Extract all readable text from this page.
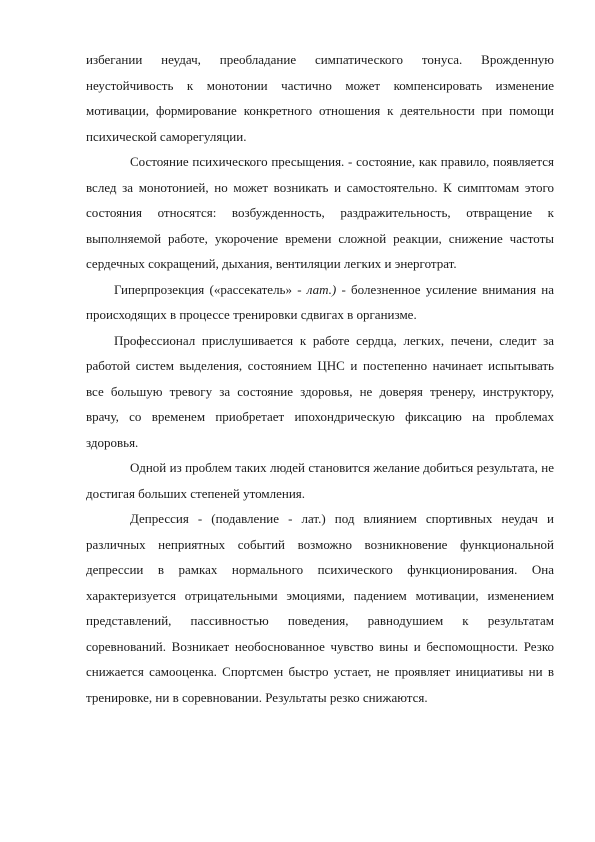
избегании неудач, преобладание симпатического тонуса. Врожденную неустойчивость к монотонии частично может компенсировать изменение мотивации, формирование конкретного отношения к деятельности при помощи психической саморегуляции.

Состояние психического пресыщения. - состояние, как правило, появляется вслед за монотонией, но может возникать и самостоятельно. К симптомам этого состояния относятся: возбужденность, раздражительность, отвращение к выполняемой работе, укорочение времени сложной реакции, снижение частоты сердечных сокращений, дыхания, вентиляции легких и энерготрат.

Гиперпрозекция («рассекатель» - лат.) - болезненное усиление внимания на происходящих в процессе тренировки сдвигах в организме.

Профессионал прислушивается к работе сердца, легких, печени, следит за работой систем выделения, состоянием ЦНС и постепенно начинает испытывать все большую тревогу за состояние здоровья, не доверяя тренеру, инструктору, врачу, со временем приобретает ипохондрическую фиксацию на проблемах здоровья.

Одной из проблем таких людей становится желание добиться результата, не достигая больших степеней утомления.

Депрессия - (подавление - лат.) под влиянием спортивных неудач и различных неприятных событий возможно возникновение функциональной депрессии в рамках нормального психического функционирования. Она характеризуется отрицательными эмоциями, падением мотивации, изменением представлений, пассивностью поведения, равнодушием к результатам соревнований. Возникает необоснованное чувство вины и беспомощности. Резко снижается самооценка. Спортсмен быстро устает, не проявляет инициативы ни в тренировке, ни в соревновании. Результаты резко снижаются.
